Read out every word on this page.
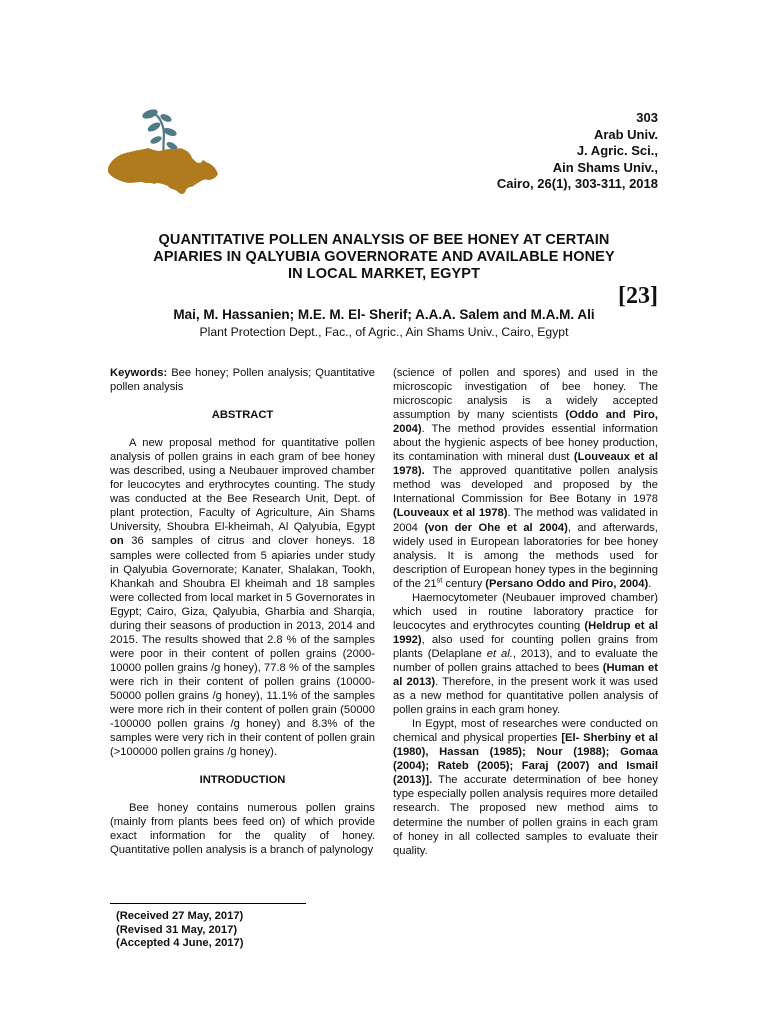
303
Arab Univ.
J. Agric. Sci.,
Ain Shams Univ.,
Cairo, 26(1), 303-311, 2018
QUANTITATIVE POLLEN ANALYSIS OF BEE HONEY AT CERTAIN
APIARIES IN QALYUBIA GOVERNORATE AND AVAILABLE HONEY
IN LOCAL MARKET, EGYPT
[23]
Mai, M. Hassanien; M.E. M. El- Sherif; A.A.A. Salem and M.A.M. Ali
Plant Protection Dept., Fac., of Agric., Ain Shams Univ., Cairo, Egypt

Keywords: Bee honey; Pollen analysis; Quantitative pollen analysis

ABSTRACT

A new proposal method for quantitative pollen analysis of pollen grains in each gram of bee honey was described, using a Neubauer improved chamber for leucocytes and erythrocytes counting. The study was conducted at the Bee Research Unit, Dept. of plant protection, Faculty of Agriculture, Ain Shams University, Shoubra El-kheimah, Al Qalyubia, Egypt on 36 samples of citrus and clover honeys. 18 samples were collected from 5 apiaries under study in Qalyubia Governorate; Kanater, Shalakan, Tookh, Khankah and Shoubra El kheimah and 18 samples were collected from local market in 5 Governorates in Egypt; Cairo, Giza, Qalyubia, Gharbia and Sharqia, during their seasons of production in 2013, 2014 and 2015. The results showed that 2.8 % of the samples were poor in their content of pollen grains (2000-10000 pollen grains /g honey), 77.8 % of the samples were rich in their content of pollen grains (10000-50000 pollen grains /g honey), 11.1% of the samples were more rich in their content of pollen grain (50000 -100000 pollen grains /g honey) and 8.3% of the samples were very rich in their content of pollen grain (>100000 pollen grains /g honey).

INTRODUCTION

Bee honey contains numerous pollen grains (mainly from plants bees feed on) of which provide exact information for the quality of honey. Quantitative pollen analysis is a branch of palynology

(science of pollen and spores) and used in the microscopic investigation of bee honey. The microscopic analysis is a widely accepted assumption by many scientists (Oddo and Piro, 2004). The method provides essential information about the hygienic aspects of bee honey production, its contamination with mineral dust (Louveaux et al 1978). The approved quantitative pollen analysis method was developed and proposed by the International Commission for Bee Botany in 1978 (Louveaux et al 1978). The method was validated in 2004 (von der Ohe et al 2004), and afterwards, widely used in European laboratories for bee honey analysis. It is among the methods used for description of European honey types in the beginning of the 21st century (Persano Oddo and Piro, 2004).

Haemocytometer (Neubauer improved chamber) which used in routine laboratory practice for leucocytes and erythrocytes counting (Heldrup et al 1992), also used for counting pollen grains from plants (Delaplane et al., 2013), and to evaluate the number of pollen grains attached to bees (Human et al 2013). Therefore, in the present work it was used as a new method for quantitative pollen analysis of pollen grains in each gram honey.

In Egypt, most of researches were conducted on chemical and physical properties [El- Sherbiny et al (1980), Hassan (1985); Nour (1988); Gomaa (2004); Rateb (2005); Faraj (2007) and Ismail (2013)]. The accurate determination of bee honey type especially pollen analysis requires more detailed research. The proposed new method aims to determine the number of pollen grains in each gram of honey in all collected samples to evaluate their quality.

(Received 27 May, 2017)
(Revised 31 May, 2017)
(Accepted 4 June, 2017)
